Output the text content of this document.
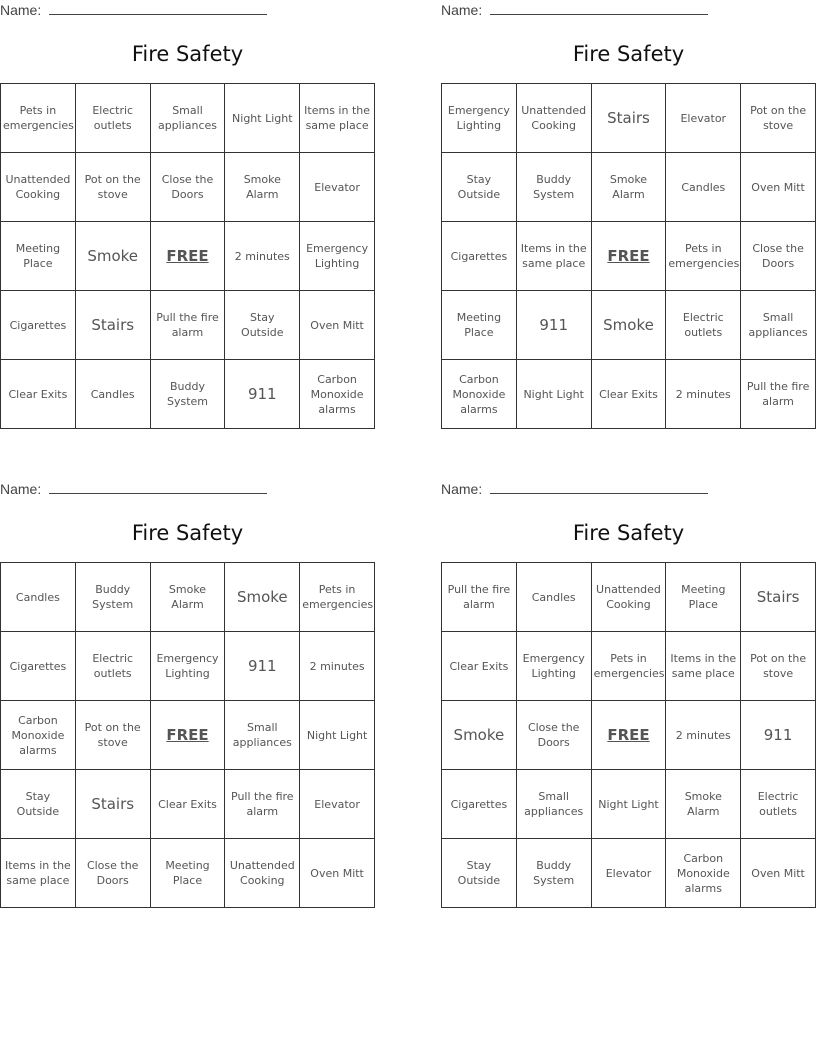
Name:
Fire Safety
Pets in emergencies	Electric outlets	Small appliances	Night Light	Items in the same place
Unattended Cooking	Pot on the stove	Close the Doors	Smoke Alarm	Elevator
Meeting Place	Smoke	FREE	2 minutes	Emergency Lighting
Cigarettes	Stairs	Pull the fire alarm	Stay Outside	Oven Mitt
Clear Exits	Candles	Buddy System	911	Carbon Monoxide alarms
Name:
Fire Safety
Emergency Lighting	Unattended Cooking	Stairs	Elevator	Pot on the stove
Stay Outside	Buddy System	Smoke Alarm	Candles	Oven Mitt
Cigarettes	Items in the same place	FREE	Pets in emergencies	Close the Doors
Meeting Place	911	Smoke	Electric outlets	Small appliances
Carbon Monoxide alarms	Night Light	Clear Exits	2 minutes	Pull the fire alarm
Name:
Fire Safety
Candles	Buddy System	Smoke Alarm	Smoke	Pets in emergencies
Cigarettes	Electric outlets	Emergency Lighting	911	2 minutes
Carbon Monoxide alarms	Pot on the stove	FREE	Small appliances	Night Light
Stay Outside	Stairs	Clear Exits	Pull the fire alarm	Elevator
Items in the same place	Close the Doors	Meeting Place	Unattended Cooking	Oven Mitt
Name:
Fire Safety
Pull the fire alarm	Candles	Unattended Cooking	Meeting Place	Stairs
Clear Exits	Emergency Lighting	Pets in emergencies	Items in the same place	Pot on the stove
Smoke	Close the Doors	FREE	2 minutes	911
Cigarettes	Small appliances	Night Light	Smoke Alarm	Electric outlets
Stay Outside	Buddy System	Elevator	Carbon Monoxide alarms	Oven Mitt
